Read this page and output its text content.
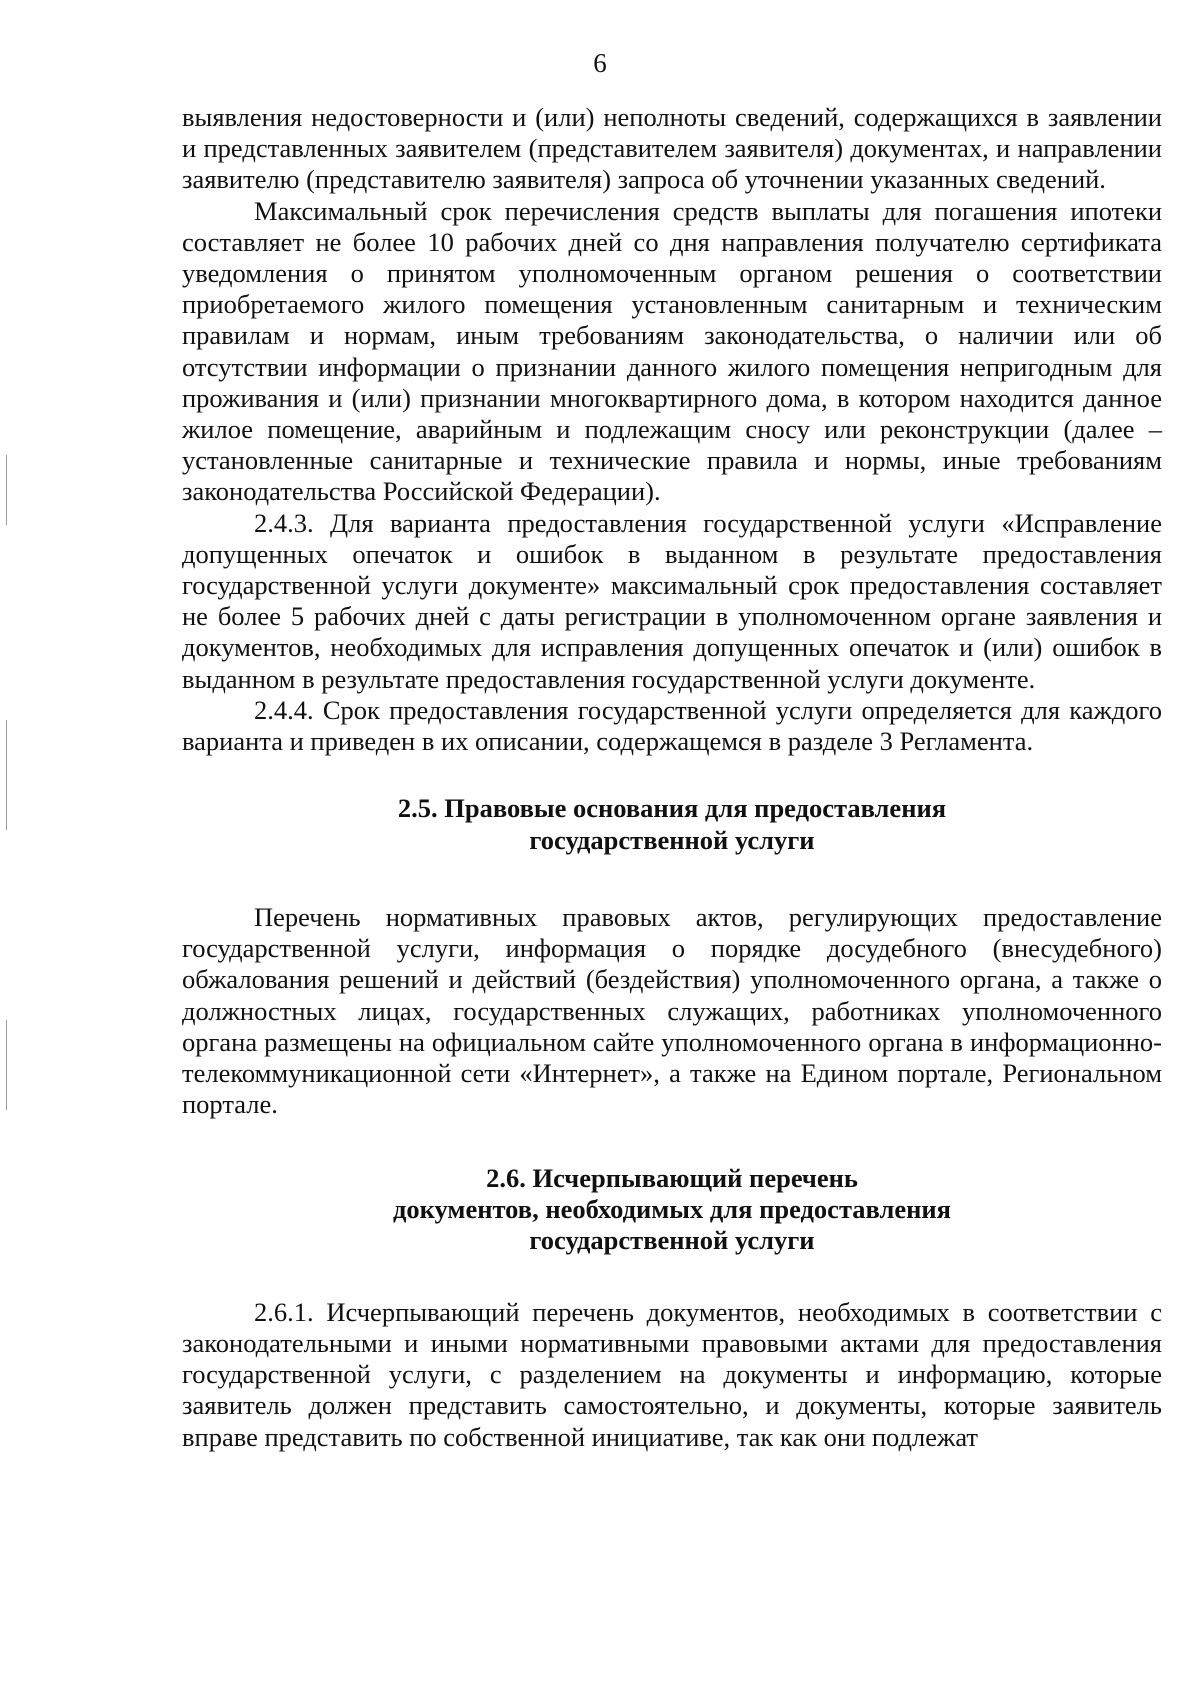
6

выявления недостоверности и (или) неполноты сведений, содержащихся в заявлении и представленных заявителем (представителем заявителя) документах, и направлении заявителю (представителю заявителя) запроса об уточнении указанных сведений.

Максимальный срок перечисления средств выплаты для погашения ипотеки составляет не более 10 рабочих дней со дня направления получателю сертификата уведомления о принятом уполномоченным органом решения о соответствии приобретаемого жилого помещения установленным санитарным и техническим правилам и нормам, иным требованиям законодательства, о наличии или об отсутствии информации о признании данного жилого помещения непригодным для проживания и (или) признании многоквартирного дома, в котором находится данное жилое помещение, аварийным и подлежащим сносу или реконструкции (далее – установленные санитарные и технические правила и нормы, иные требованиям законодательства Российской Федерации).

2.4.3. Для варианта предоставления государственной услуги «Исправление допущенных опечаток и ошибок в выданном в результате предоставления государственной услуги документе» максимальный срок предоставления составляет не более 5 рабочих дней с даты регистрации в уполномоченном органе заявления и документов, необходимых для исправления допущенных опечаток и (или) ошибок в выданном в результате предоставления государственной услуги документе.

2.4.4. Срок предоставления государственной услуги определяется для каждого варианта и приведен в их описании, содержащемся в разделе 3 Регламента.

2.5. Правовые основания для предоставления
государственной услуги

Перечень нормативных правовых актов, регулирующих предоставление государственной услуги, информация о порядке досудебного (внесудебного) обжалования решений и действий (бездействия) уполномоченного органа, а также о должностных лицах, государственных служащих, работниках уполномоченного органа размещены на официальном сайте уполномоченного органа в информационно-телекоммуникационной сети «Интернет», а также на Едином портале, Региональном портале.

2.6. Исчерпывающий перечень
документов, необходимых для предоставления
государственной услуги

2.6.1. Исчерпывающий перечень документов, необходимых в соответствии с законодательными и иными нормативными правовыми актами для предоставления государственной услуги, с разделением на документы и информацию, которые заявитель должен представить самостоятельно, и документы, которые заявитель вправе представить по собственной инициативе, так как они подлежат
